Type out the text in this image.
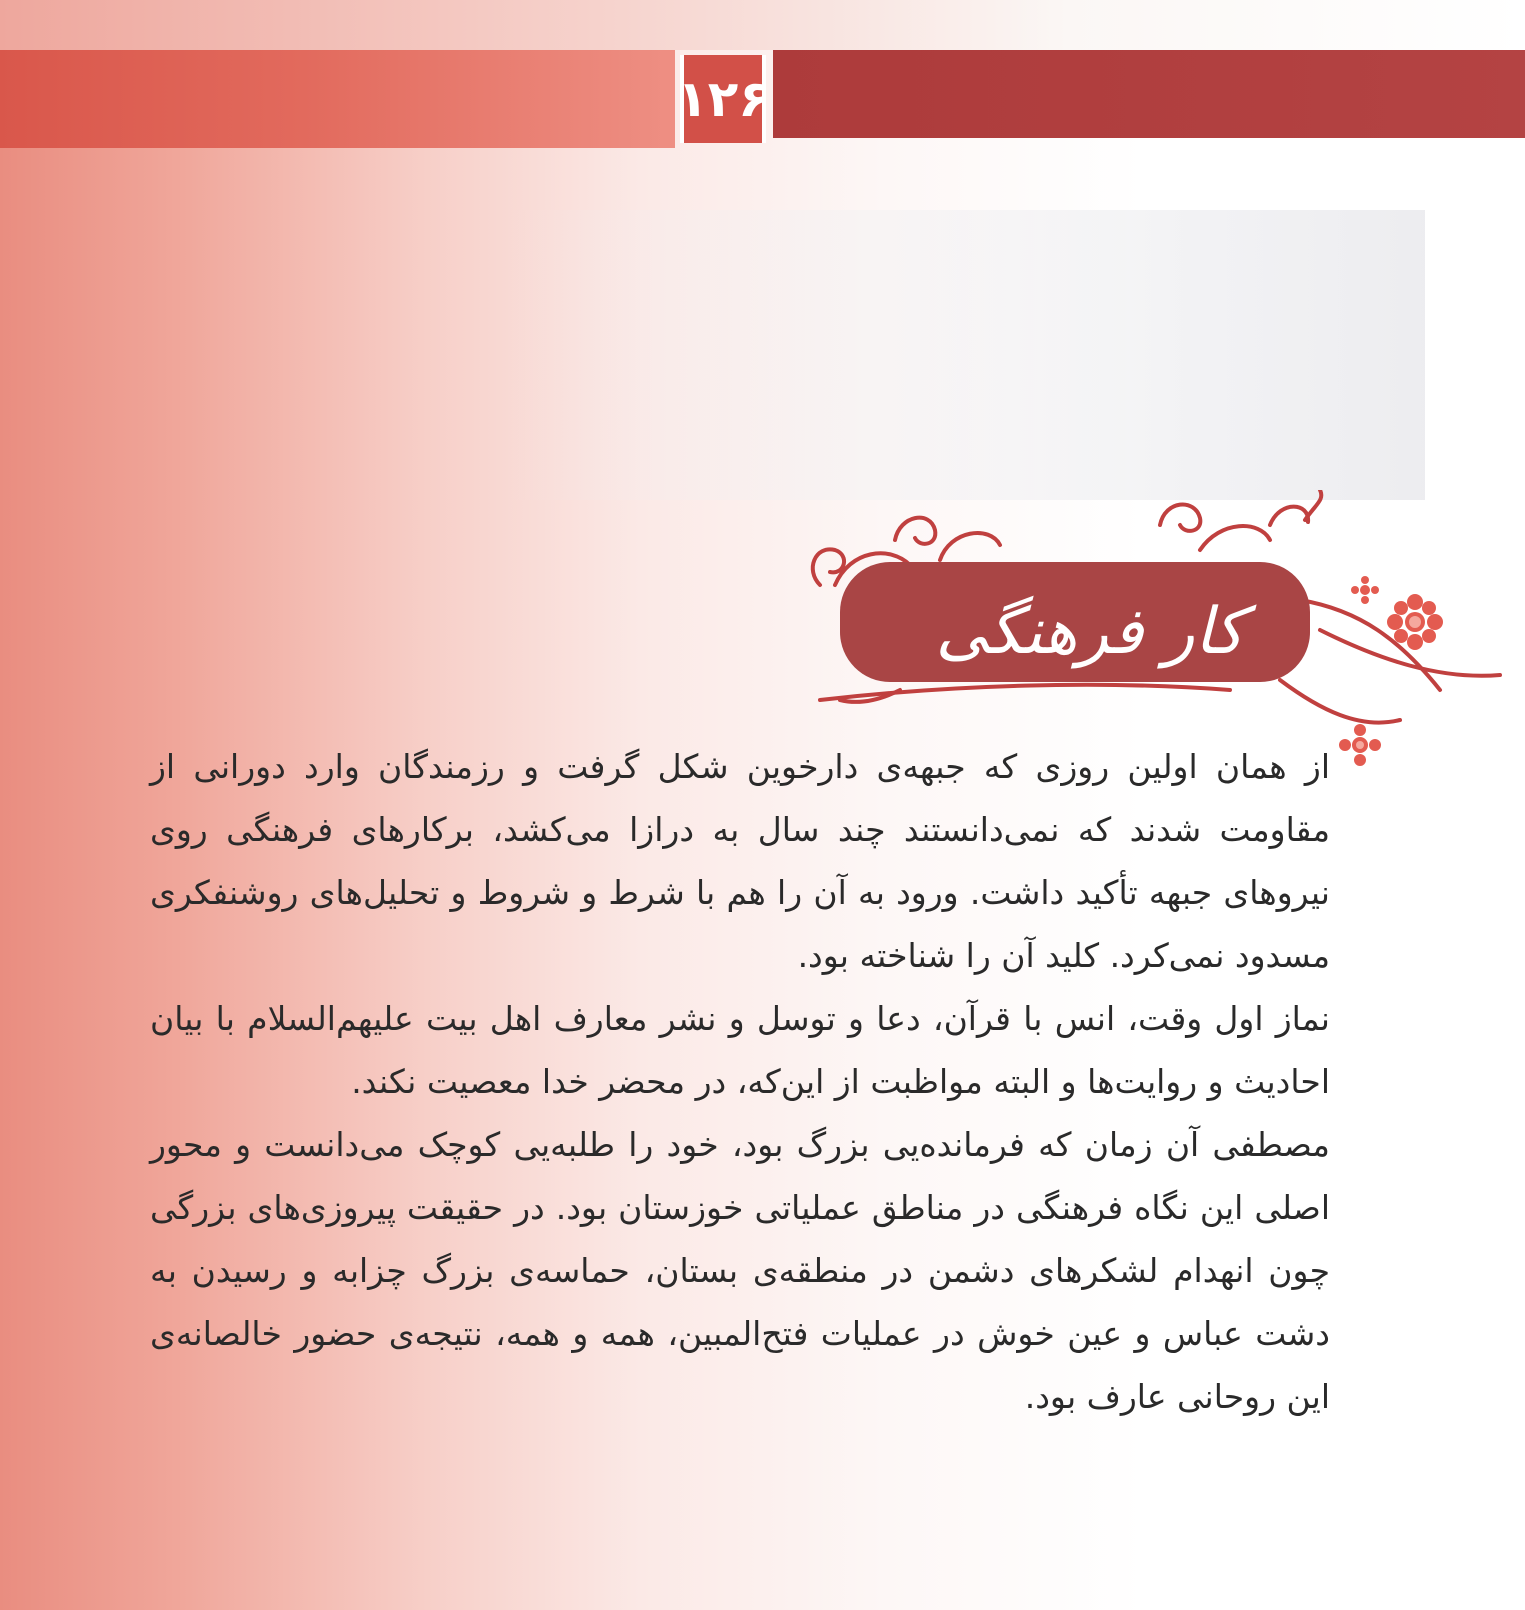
۱۲۶
کار فرهنگی

از همان اولین روزی که جبهه‌ی دارخوین شکل گرفت و رزمندگان وارد دورانی از مقاومت شدند که نمی‌دانستند چند سال به درازا می‌کشد، برکارهای فرهنگی روی نیروهای جبهه تأکید داشت. ورود به آن را هم با شرط و شروط و تحلیل‌های روشنفکری مسدود نمی‌کرد. کلید آن را شناخته بود.

نماز اول وقت، انس با قرآن، دعا و توسل و نشر معارف اهل بیت علیهم‌السلام با بیان احادیث و روایت‌ها و البته مواظبت از این‌که، در محضر خدا معصیت نکند.

مصطفی آن زمان که فرمانده‌یی بزرگ بود، خود را طلبه‌یی کوچک می‌دانست و محور اصلی این نگاه فرهنگی در مناطق عملیاتی خوزستان بود. در حقیقت پیروزی‌های بزرگی چون انهدام لشکرهای دشمن در منطقه‌ی بستان، حماسه‌ی بزرگ چزابه و رسیدن به دشت عباس و عین خوش در عملیات فتح‌المبین، همه و همه، نتیجه‌ی حضور خالصانه‌ی این روحانی عارف بود.
